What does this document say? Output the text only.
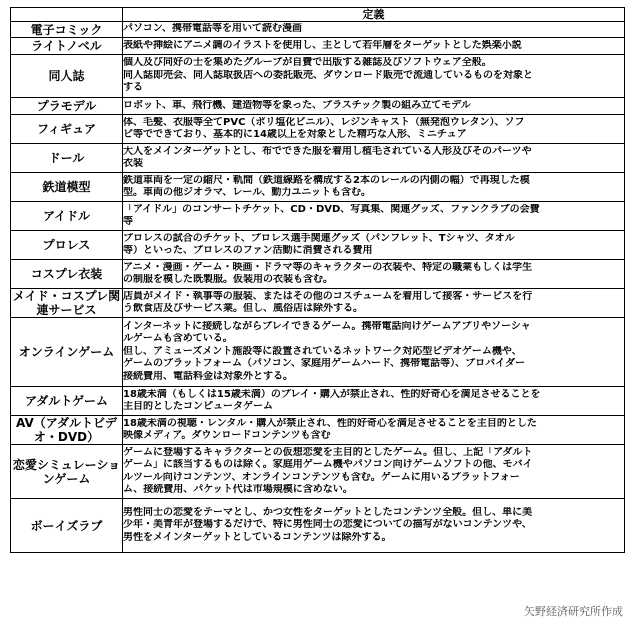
	定義
電子コミック	パソコン、携帯電話等を用いて読む漫画

ライトノベル	表紙や挿絵にアニメ調のイラストを使用し、主として若年層をターゲットとした娯楽小説

同人誌	個人及び同好の士を集めたグループが自費で出版する雑誌及びソフトウェア全般。
同人誌即売会、同人誌取扱店への委託販売、ダウンロード販売で流通しているものを対象と
する

プラモデル	ロボット、車、飛行機、建造物等を象った、プラスチック製の組み立てモデル

フィギュア	体、毛髪、衣服等全てPVC（ポリ塩化ビニル）、レジンキャスト（無発泡ウレタン）、ソフ
ビ等でできており、基本的に14歳以上を対象とした精巧な人形、ミニチュア

ドール	大人をメインターゲットとし、布でできた服を着用し植毛されている人形及びそのパーツや
衣装

鉄道模型	鉄道車両を一定の縮尺・軌間（鉄道線路を構成する2本のレールの内側の幅）で再現した模
型。車両の他ジオラマ、レール、動力ユニットも含む。

アイドル	「アイドル」のコンサートチケット、CD・DVD、写真集、関連グッズ、ファンクラブの会費
等

プロレス	プロレスの試合のチケット、プロレス選手関連グッズ（パンフレット、Tシャツ、タオル
等）といった、プロレスのファン活動に消費される費用

コスプレ衣装	アニメ・漫画・ゲーム・映画・ドラマ等のキャラクターの衣装や、特定の職業もしくは学生
の制服を模した既製服。仮装用の衣装も含む。

メイド・コスプレ関連サービス	店員がメイド・執事等の服装、またはその他のコスチュームを着用して接客・サービスを行
う飲食店及びサービス業。但し、風俗店は除外する。

オンラインゲーム	インターネットに接続しながらプレイできるゲーム。携帯電話向けゲームアプリやソーシャ
ルゲームも含めている。
但し、アミューズメント施設等に設置されているネットワーク対応型ビデオゲーム機や、
ゲームのプラットフォーム（パソコン、家庭用ゲームハード、携帯電話等）、プロバイダー
接続費用、電話料金は対象外とする。

アダルトゲーム	18歳未満（もしくは15歳未満）のプレイ・購入が禁止され、性的好奇心を満足させることを
主目的としたコンピュータゲーム

AV（アダルトビデオ・DVD）	18歳未満の視聴・レンタル・購入が禁止され、性的好奇心を満足させることを主目的とした
映像メディア。ダウンロードコンテンツも含む

恋愛シミュレーションゲーム	ゲームに登場するキャラクターとの仮想恋愛を主目的としたゲーム。但し、上記「アダルト
ゲーム」に該当するものは除く。家庭用ゲーム機やパソコン向けゲームソフトの他、モバイ
ルツール向けコンテンツ、オンラインコンテンツも含む。ゲームに用いるプラットフォー
ム、接続費用、パケット代は市場規模に含めない。

ボーイズラブ	男性同士の恋愛をテーマとし、かつ女性をターゲットとしたコンテンツ全般。但し、単に美
少年・美青年が登場するだけで、特に男性同士の恋愛についての描写がないコンテンツや、
男性をメインターゲットとしているコンテンツは除外する。
矢野経済研究所作成
